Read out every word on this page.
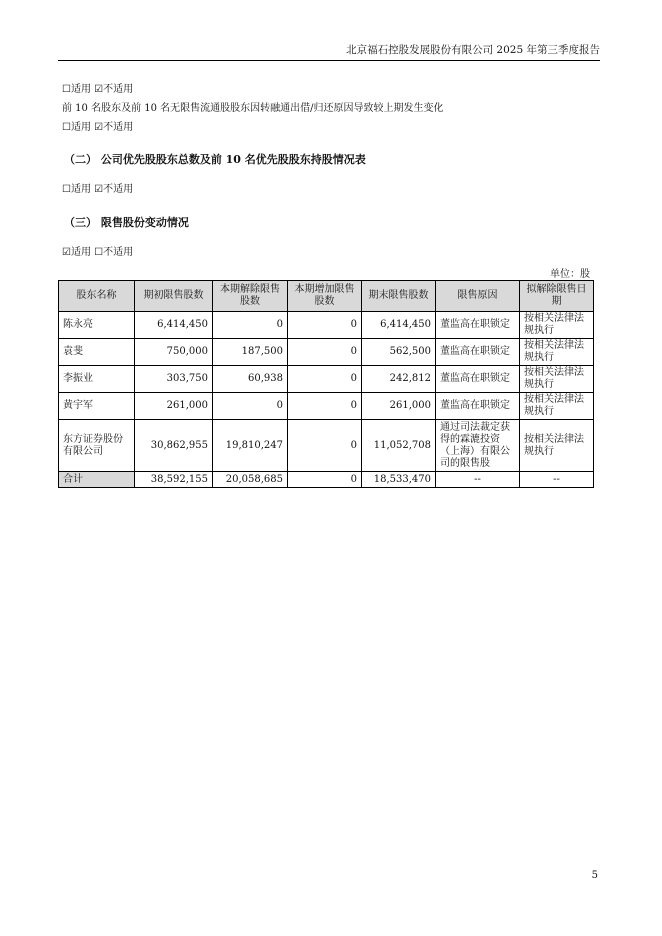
北京福石控股发展股份有限公司 2025 年第三季度报告
☐适用 ☑不适用
前 10 名股东及前 10 名无限售流通股股东因转融通出借/归还原因导致较上期发生变化
☐适用 ☑不适用
（二） 公司优先股股东总数及前 10 名优先股股东持股情况表
☐适用 ☑不适用
（三） 限售股份变动情况
☑适用 ☐不适用
单位：股
股东名称	期初限售股数	本期解除限售股数	本期增加限售股数	期末限售股数	限售原因	拟解除限售日期
陈永亮	6,414,450	0	0	6,414,450	董监高在职锁定	按相关法律法规执行
袁斐	750,000	187,500	0	562,500	董监高在职锁定	按相关法律法规执行
李振业	303,750	60,938	0	242,812	董监高在职锁定	按相关法律法规执行
黄宇军	261,000	0	0	261,000	董监高在职锁定	按相关法律法规执行
东方证券股份有限公司	30,862,955	19,810,247	0	11,052,708	通过司法裁定获得的霖漉投资（上海）有限公司的限售股	按相关法律法规执行
合计	38,592,155	20,058,685	0	18,533,470	--	--
5
